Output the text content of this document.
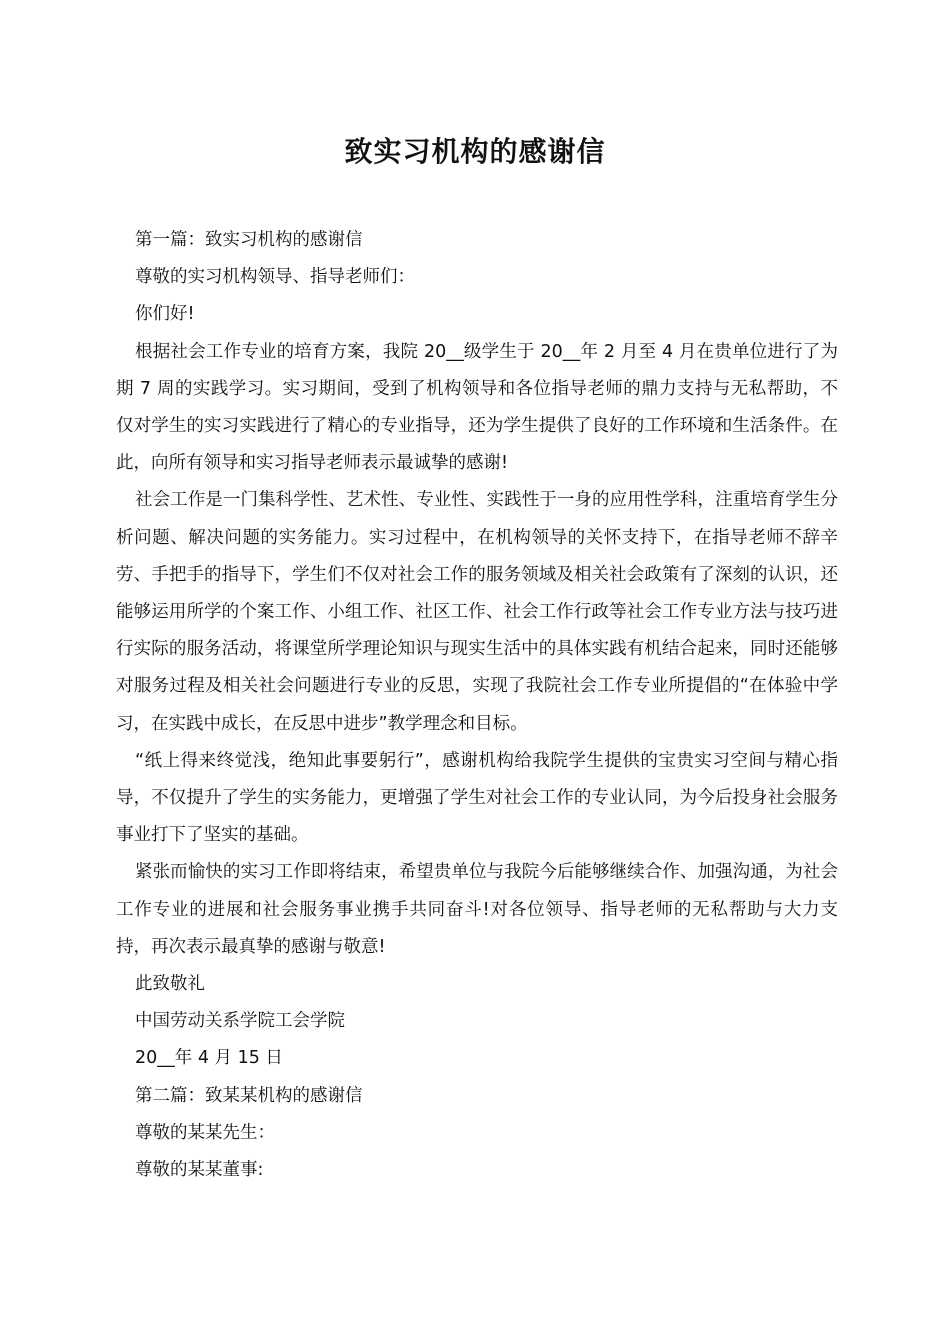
致实习机构的感谢信

第一篇：致实习机构的感谢信

尊敬的实习机构领导、指导老师们：

你们好!

根据社会工作专业的培育方案，我院 20__级学生于 20__年 2 月至 4 月在贵单位进行了为期 7 周的实践学习。实习期间，受到了机构领导和各位指导老师的鼎力支持与无私帮助，不仅对学生的实习实践进行了精心的专业指导，还为学生提供了良好的工作环境和生活条件。在此，向所有领导和实习指导老师表示最诚挚的感谢!

社会工作是一门集科学性、艺术性、专业性、实践性于一身的应用性学科，注重培育学生分析问题、解决问题的实务能力。实习过程中，在机构领导的关怀支持下，在指导老师不辞辛劳、手把手的指导下，学生们不仅对社会工作的服务领域及相关社会政策有了深刻的认识，还能够运用所学的个案工作、小组工作、社区工作、社会工作行政等社会工作专业方法与技巧进行实际的服务活动，将课堂所学理论知识与现实生活中的具体实践有机结合起来，同时还能够对服务过程及相关社会问题进行专业的反思，实现了我院社会工作专业所提倡的“在体验中学习，在实践中成长，在反思中进步”教学理念和目标。

“纸上得来终觉浅，绝知此事要躬行”，感谢机构给我院学生提供的宝贵实习空间与精心指导，不仅提升了学生的实务能力，更增强了学生对社会工作的专业认同，为今后投身社会服务事业打下了坚实的基础。

紧张而愉快的实习工作即将结束，希望贵单位与我院今后能够继续合作、加强沟通，为社会工作专业的进展和社会服务事业携手共同奋斗!对各位领导、指导老师的无私帮助与大力支持，再次表示最真挚的感谢与敬意!

此致敬礼

中国劳动关系学院工会学院

20__年 4 月 15 日

第二篇：致某某机构的感谢信

尊敬的某某先生：

尊敬的某某董事:
